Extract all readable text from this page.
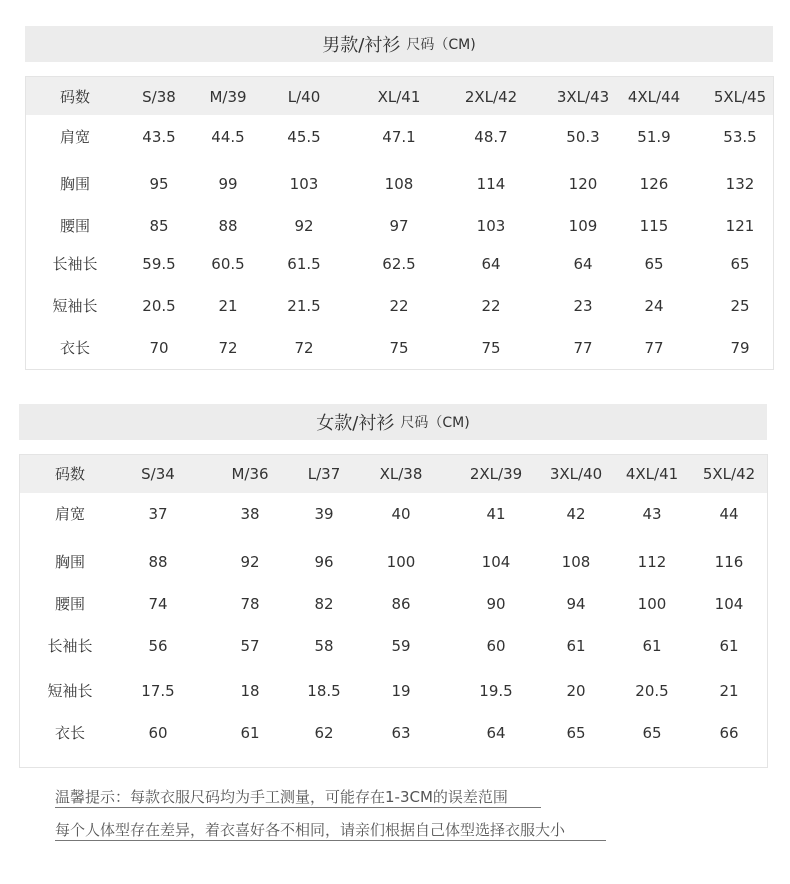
男款/衬衫 尺码（CM)
码数	S/38 M/39	L/40	XL/41	2XL/42	3XL/43 4XL/44 5XL/45
肩宽	43.5 44.5	45.5	47.1	48.7	50.3	51.9	53.5
胸围	95	99	103	108	114	120	126	132
腰围	85	88	92	97	103	109	115	121
长袖长	59.5 60.5	61.5	62.5	64	64	65	65
短袖长	20.5	21	21.5	22	22	23	24	25
衣长	70	72	72	75	75	77	77	79
女款/衬衫 尺码（CM)
码数	S/34	M/36	L/37	XL/38	2XL/39 3XL/40 4XL/41 5XL/42
肩宽	37	38	39	40	41	42	43	44
胸围	88	92	96	100	104	108	112	116
腰围	74	78	82	86	90	94	100	104
长袖长	56	57	58	59	60	61	61	61
短袖长	17.5	18	18.5	19	19.5	20	20.5	21
衣长	60	61	62	63	64	65	65	66
温馨提示：每款衣服尺码均为手工测量，可能存在1-3CM的误差范围
每个人体型存在差异，着衣喜好各不相同，请亲们根据自己体型选择衣服大小
